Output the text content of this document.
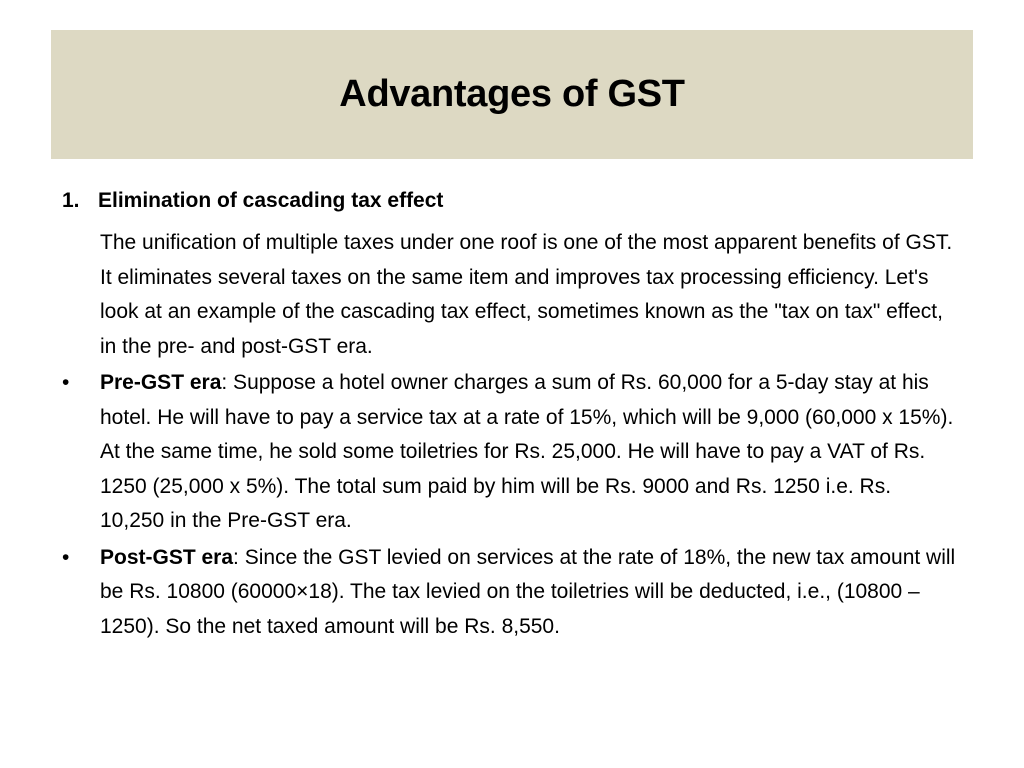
Advantages of GST

1. Elimination of cascading tax effect

The unification of multiple taxes under one roof is one of the most apparent benefits of GST. It eliminates several taxes on the same item and improves tax processing efficiency. Let's look at an example of the cascading tax effect, sometimes known as the "tax on tax" effect, in the pre- and post-GST era.

•	Pre-GST era: Suppose a hotel owner charges a sum of Rs. 60,000 for a 5-day stay at his hotel. He will have to pay a service tax at a rate of 15%, which will be 9,000 (60,000 x 15%). At the same time, he sold some toiletries for Rs. 25,000. He will have to pay a VAT of Rs. 1250 (25,000 x 5%). The total sum paid by him will be Rs. 9000 and Rs. 1250 i.e. Rs. 10,250 in the Pre-GST era.
•	Post-GST era: Since the GST levied on services at the rate of 18%, the new tax amount will be Rs. 10800 (60000×18). The tax levied on the toiletries will be deducted, i.e., (10800 – 1250). So the net taxed amount will be Rs. 8,550.
